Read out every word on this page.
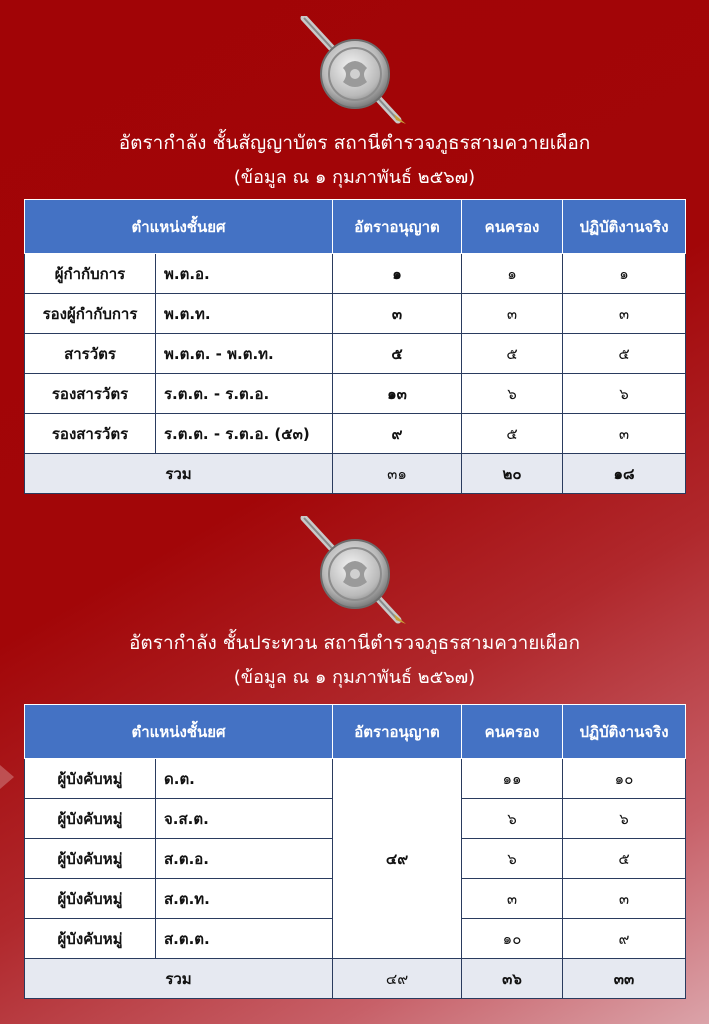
อัตรากำลัง ชั้นสัญญาบัตร สถานีตำรวจภูธรสามควายเผือก
(ข้อมูล ณ ๑ กุมภาพันธ์ ๒๕๖๗)
ตำแหน่งชั้นยศ		อัตราอนุญาต	คนครอง	ปฏิบัติงานจริง
ผู้กำกับการ	พ.ต.อ.	๑	๑	๑
รองผู้กำกับการ	พ.ต.ท.	๓	๓	๓
สารวัตร	พ.ต.ต. - พ.ต.ท.	๕	๕	๕
รองสารวัตร	ร.ต.ต. - ร.ต.อ.	๑๓	๖	๖
รองสารวัตร	ร.ต.ต. - ร.ต.อ. (๕๓)	๙	๕	๓
รวม		๓๑	๒๐	๑๘
อัตรากำลัง ชั้นประทวน สถานีตำรวจภูธรสามควายเผือก
(ข้อมูล ณ ๑ กุมภาพันธ์ ๒๕๖๗)
ตำแหน่งชั้นยศ		อัตราอนุญาต	คนครอง	ปฏิบัติงานจริง
ผู้บังคับหมู่	ด.ต.	๔๙	๑๑	๑๐
ผู้บังคับหมู่	จ.ส.ต.		๖	๖
ผู้บังคับหมู่	ส.ต.อ.		๖	๕
ผู้บังคับหมู่	ส.ต.ท.		๓	๓
ผู้บังคับหมู่	ส.ต.ต.		๑๐	๙
รวม		๔๙	๓๖	๓๓
